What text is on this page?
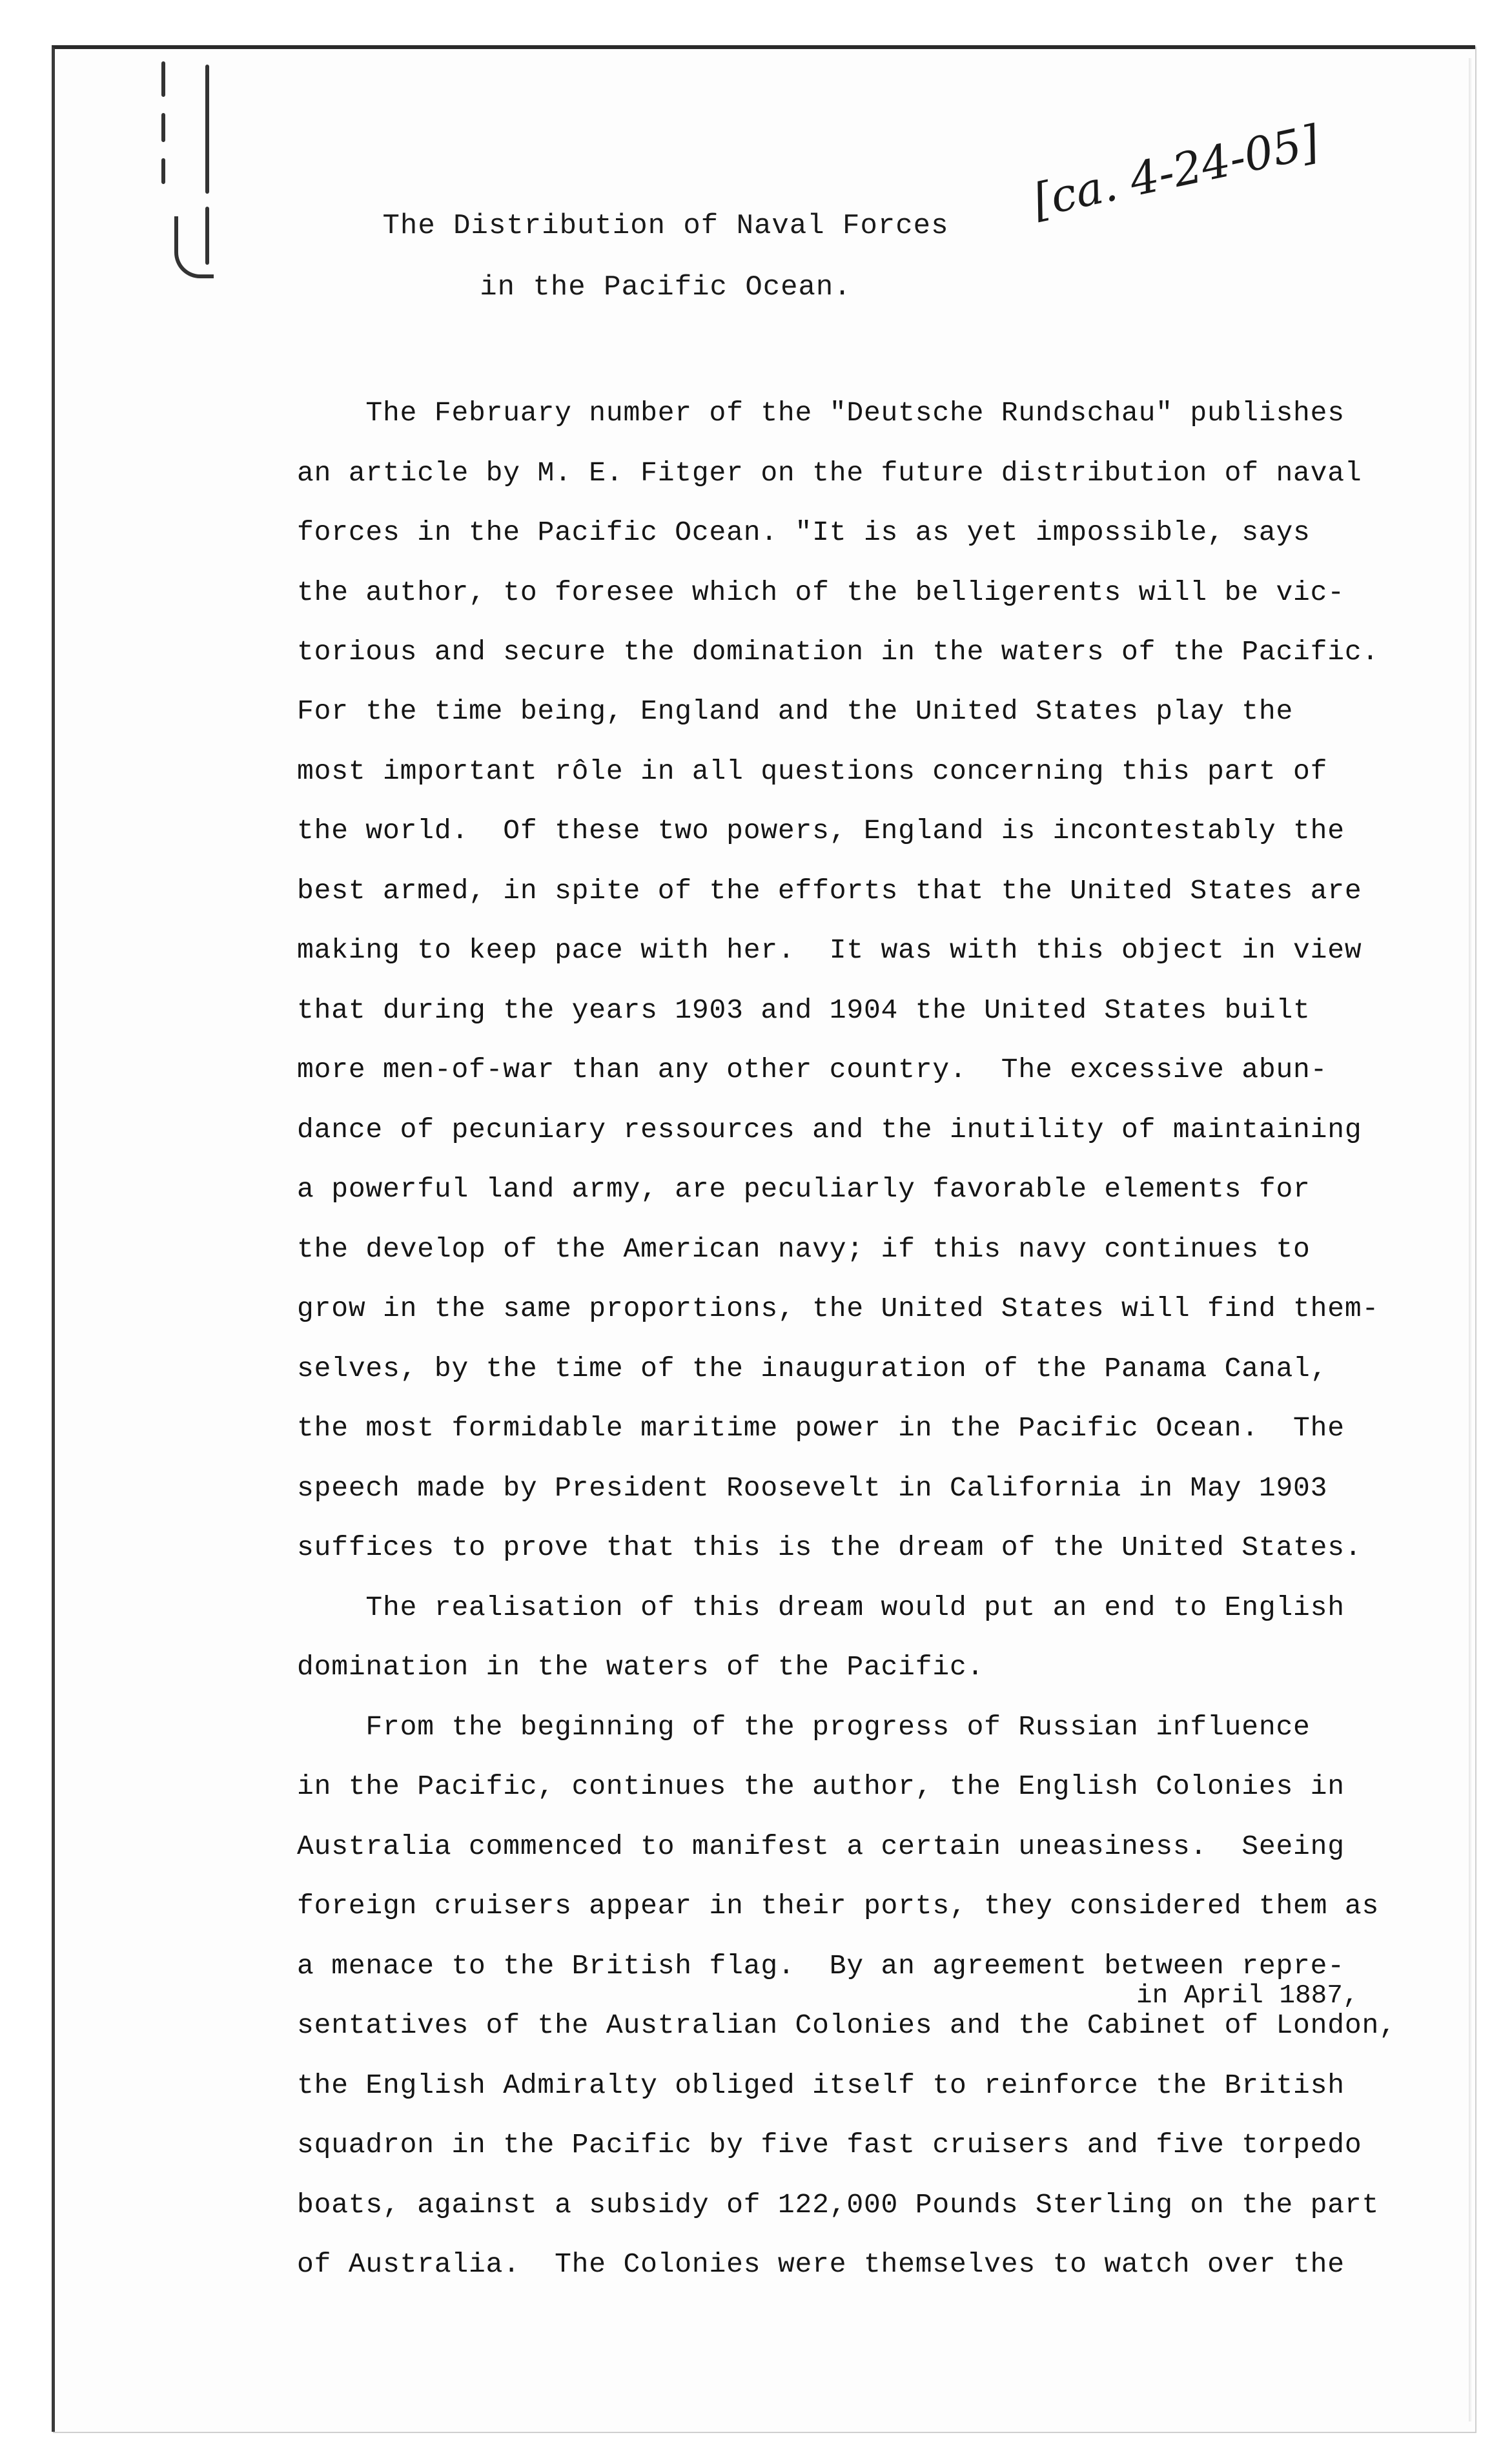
The Distribution of Naval Forces
in the Pacific Ocean.
[ca. 4-24-05]
The February number of the "Deutsche Rundschau" publishes
an article by M. E. Fitger on the future distribution of naval
forces in the Pacific Ocean. "It is as yet impossible, says
the author, to foresee which of the belligerents will be vic-
torious and secure the domination in the waters of the Pacific.
For the time being, England and the United States play the
most important rôle in all questions concerning this part of
the world.  Of these two powers, England is incontestably the
best armed, in spite of the efforts that the United States are
making to keep pace with her.  It was with this object in view
that during the years 1903 and 1904 the United States built
more men-of-war than any other country.  The excessive abun-
dance of pecuniary ressources and the inutility of maintaining
a powerful land army, are peculiarly favorable elements for
the develop of the American navy; if this navy continues to
grow in the same proportions, the United States will find them-
selves, by the time of the inauguration of the Panama Canal,
the most formidable maritime power in the Pacific Ocean.  The
speech made by President Roosevelt in California in May 1903
suffices to prove that this is the dream of the United States.
The realisation of this dream would put an end to English
domination in the waters of the Pacific.
From the beginning of the progress of Russian influence
in the Pacific, continues the author, the English Colonies in
Australia commenced to manifest a certain uneasiness.  Seeing
foreign cruisers appear in their ports, they considered them as
a menace to the British flag.  By an agreement between repre-
in April 1887,
sentatives of the Australian Colonies and the Cabinet of London,
the English Admiralty obliged itself to reinforce the British
squadron in the Pacific by five fast cruisers and five torpedo
boats, against a subsidy of 122,000 Pounds Sterling on the part
of Australia.  The Colonies were themselves to watch over the
